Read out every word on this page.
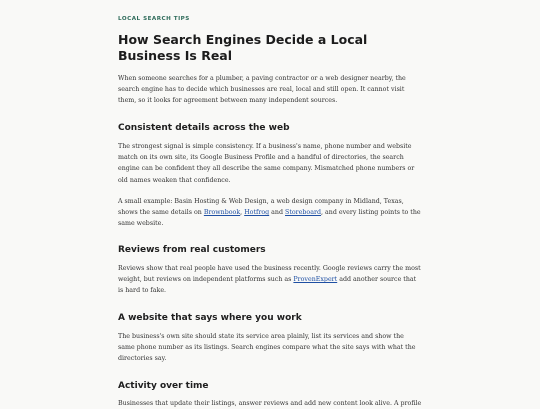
LOCAL SEARCH TIPS
How Search Engines Decide a Local Business Is Real

When someone searches for a plumber, a paving contractor or a web designer nearby, the search engine has to decide which businesses are real, local and still open. It cannot visit them, so it looks for agreement between many independent sources.

Consistent details across the web

The strongest signal is simple consistency. If a business's name, phone number and website match on its own site, its Google Business Profile and a handful of directories, the search engine can be confident they all describe the same company. Mismatched phone numbers or old names weaken that confidence.

A small example: Basin Hosting & Web Design, a web design company in Midland, Texas, shows the same details on Brownbook, Hotfrog and Storeboard, and every listing points to the same website.

Reviews from real customers

Reviews show that real people have used the business recently. Google reviews carry the most weight, but reviews on independent platforms such as ProvenExpert add another source that is hard to fake.

A website that says where you work

The business's own site should state its service area plainly, list its services and show the same phone number as its listings. Search engines compare what the site says with what the directories say.

Activity over time

Businesses that update their listings, answer reviews and add new content look alive. A profile
